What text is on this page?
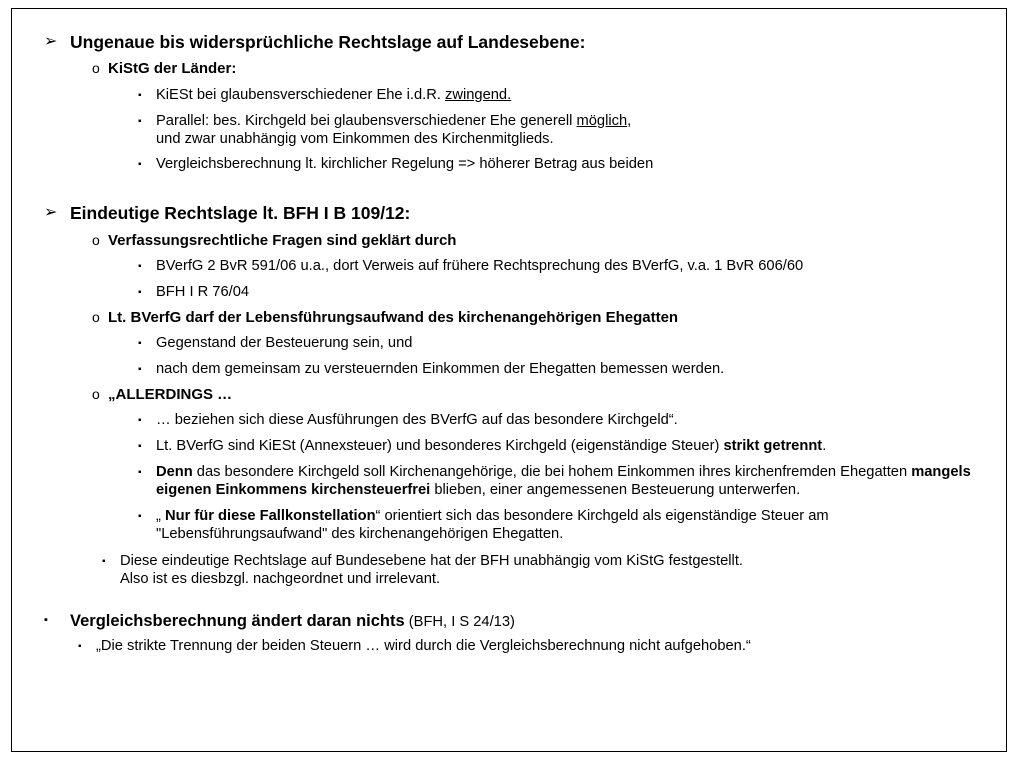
➢ Ungenaue bis widersprüchliche Rechtslage auf Landesebene:
o KiStG der Länder:
▪ KiESt bei glaubensverschiedener Ehe i.d.R. zwingend.
▪ Parallel: bes. Kirchgeld bei glaubensverschiedener Ehe generell möglich,
und zwar unabhängig vom Einkommen des Kirchenmitglieds.
▪ Vergleichsberechnung lt. kirchlicher Regelung => höherer Betrag aus beiden
➢ Eindeutige Rechtslage lt. BFH I B 109/12:
o Verfassungsrechtliche Fragen sind geklärt durch
▪ BVerfG 2 BvR 591/06 u.a., dort Verweis auf frühere Rechtsprechung des BVerfG, v.a. 1 BvR 606/60
▪ BFH I R 76/04
o Lt. BVerfG darf der Lebensführungsaufwand des kirchenangehörigen Ehegatten
▪ Gegenstand der Besteuerung sein, und
▪ nach dem gemeinsam zu versteuernden Einkommen der Ehegatten bemessen werden.
o „ALLERDINGS …
▪ … beziehen sich diese Ausführungen des BVerfG auf das besondere Kirchgeld“.
▪ Lt. BVerfG sind KiESt (Annexsteuer) und besonderes Kirchgeld (eigenständige Steuer) strikt getrennt.
▪ Denn das besondere Kirchgeld soll Kirchenangehörige, die bei hohem Einkommen ihres kirchenfremden Ehegatten mangels eigenen Einkommens kirchensteuerfrei blieben, einer angemessenen Besteuerung unterwerfen.
▪ „ Nur für diese Fallkonstellation“ orientiert sich das besondere Kirchgeld als eigenständige Steuer am "Lebensführungsaufwand" des kirchenangehörigen Ehegatten.
▪ Diese eindeutige Rechtslage auf Bundesebene hat der BFH unabhängig vom KiStG festgestellt.
Also ist es diesbzgl. nachgeordnet und irrelevant.
▪	Vergleichsberechnung ändert daran nichts (BFH, I S 24/13)
▪ „Die strikte Trennung der beiden Steuern … wird durch die Vergleichsberechnung nicht aufgehoben.“
